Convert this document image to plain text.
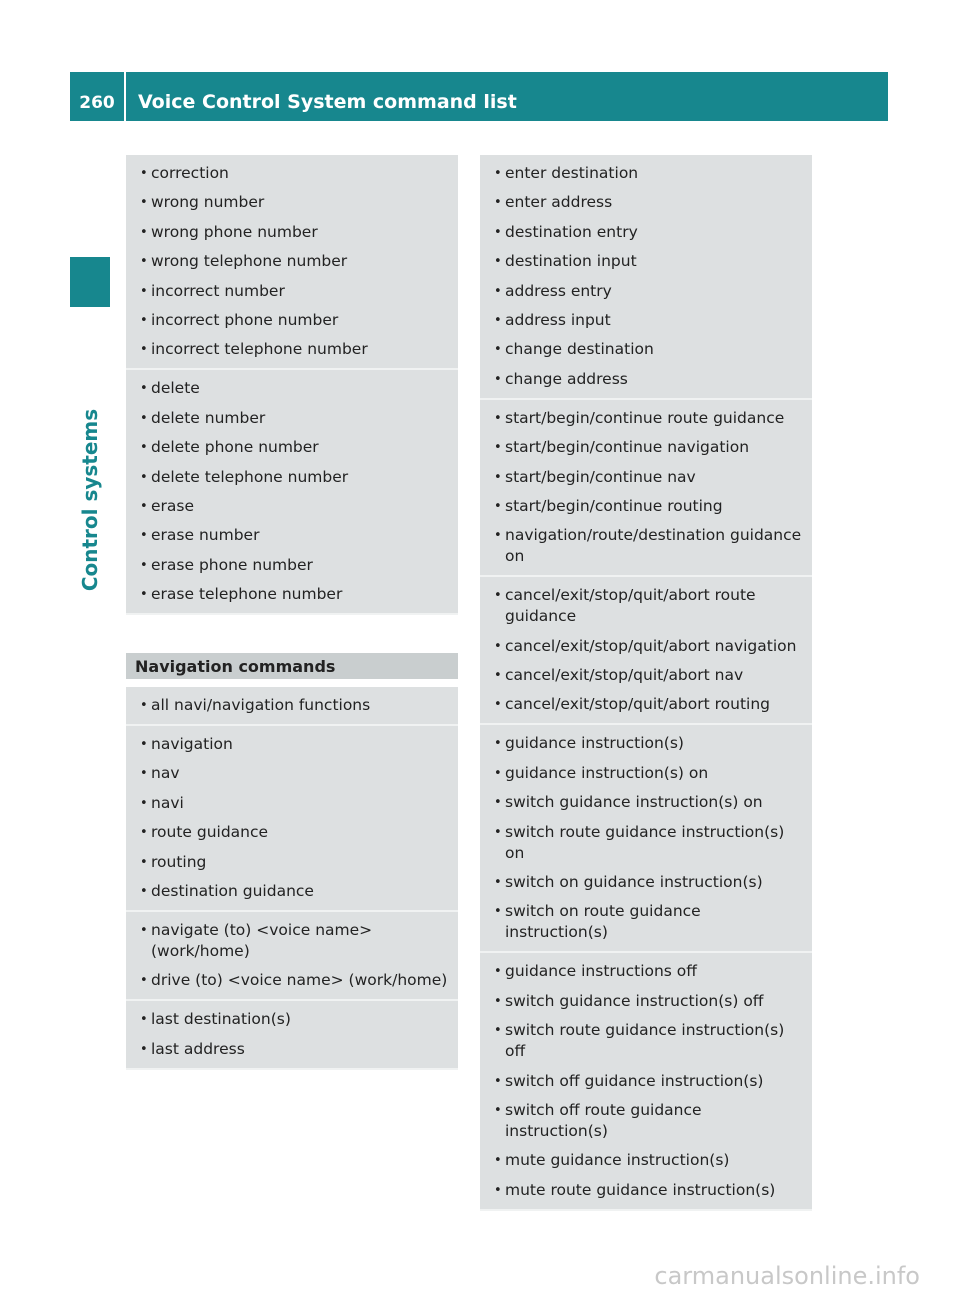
260	Voice Control System command list
Control systems
• correction
• wrong number
• wrong phone number
• wrong telephone number
• incorrect number
• incorrect phone number
• incorrect telephone number
• delete
• delete number
• delete phone number
• delete telephone number
• erase
• erase number
• erase phone number
• erase telephone number
Navigation commands
• all navi/navigation functions
• navigation
• nav
• navi
• route guidance
• routing
• destination guidance
• navigate (to) <voice name> (work/home)
• drive (to) <voice name> (work/home)
• last destination(s)
• last address
• enter destination
• enter address
• destination entry
• destination input
• address entry
• address input
• change destination
• change address
• start/begin/continue route guidance
• start/begin/continue navigation
• start/begin/continue nav
• start/begin/continue routing
• navigation/route/destination guidance on
• cancel/exit/stop/quit/abort route guidance
• cancel/exit/stop/quit/abort navigation
• cancel/exit/stop/quit/abort nav
• cancel/exit/stop/quit/abort routing
• guidance instruction(s)
• guidance instruction(s) on
• switch guidance instruction(s) on
• switch route guidance instruction(s) on
• switch on guidance instruction(s)
• switch on route guidance instruction(s)
• guidance instructions off
• switch guidance instruction(s) off
• switch route guidance instruction(s) off
• switch off guidance instruction(s)
• switch off route guidance instruction(s)
• mute guidance instruction(s)
• mute route guidance instruction(s)
carmanualsonline.info
